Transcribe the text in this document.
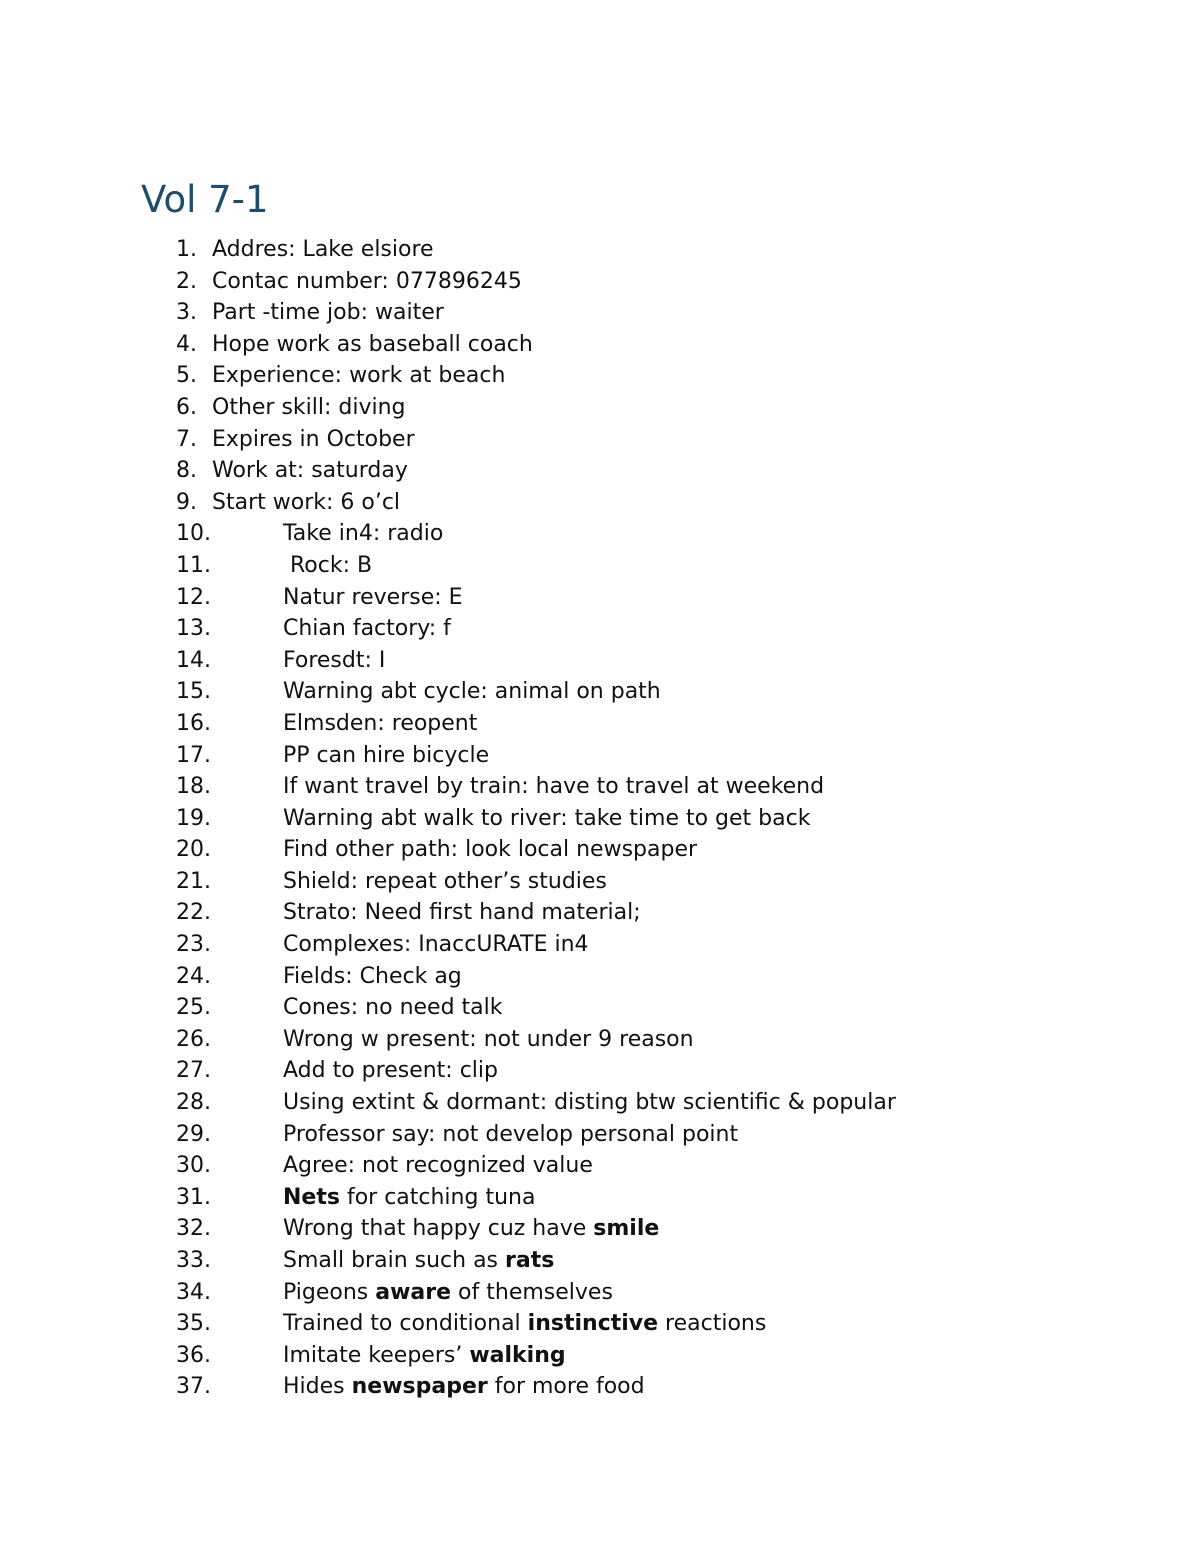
Vol 7-1
1. Addres: Lake elsiore
2. Contac number: 077896245
3. Part -time job: waiter
4. Hope work as baseball coach
5. Experience: work at beach
6. Other skill: diving
7. Expires in October
8. Work at: saturday
9. Start work: 6 o’cl
10.	Take in4: radio
11.	Rock: B
12.	Natur reverse: E
13.	Chian factory: f
14.	Foresdt: I
15.	Warning abt cycle: animal on path
16.	Elmsden: reopent
17.	PP can hire bicycle
18.	If want travel by train: have to travel at weekend
19.	Warning abt walk to river: take time to get back
20.	Find other path: look local newspaper
21.	Shield: repeat other’s studies
22.	Strato: Need first hand material;
23.	Complexes: InaccURATE in4
24.	Fields: Check ag
25.	Cones: no need talk
26.	Wrong w present: not under 9 reason
27.	Add to present: clip
28.	Using extint & dormant: disting btw scientific & popular
29.	Professor say: not develop personal point
30.	Agree: not recognized value
31.	Nets for catching tuna
32.	Wrong that happy cuz have smile
33.	Small brain such as rats
34.	Pigeons aware of themselves
35.	Trained to conditional instinctive reactions
36.	Imitate keepers’ walking
37.	Hides newspaper for more food
